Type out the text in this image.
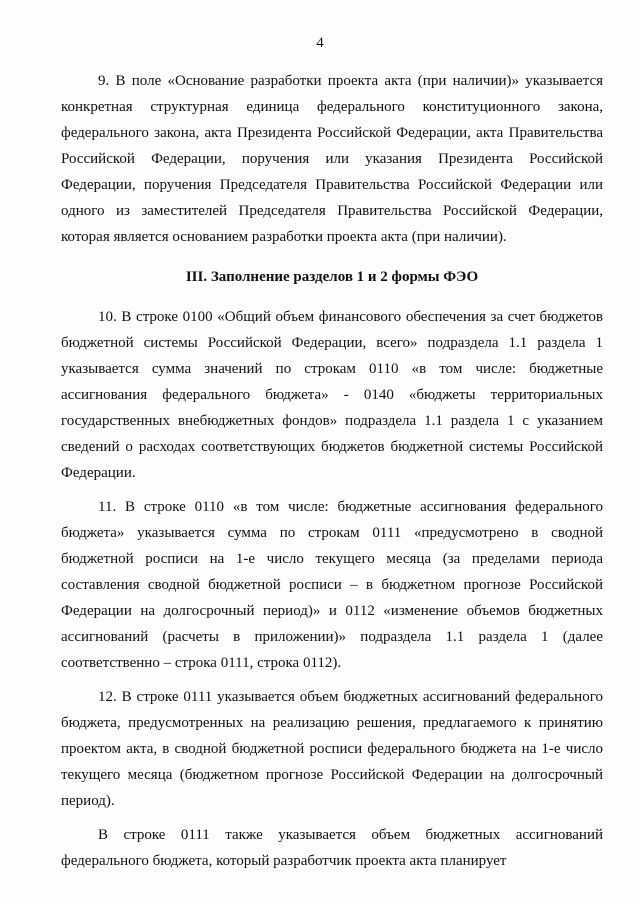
4

9. В поле «Основание разработки проекта акта (при наличии)» указывается конкретная структурная единица федерального конституционного закона, федерального закона, акта Президента Российской Федерации, акта Правительства Российской Федерации, поручения или указания Президента Российской Федерации, поручения Председателя Правительства Российской Федерации или одного из заместителей Председателя Правительства Российской Федерации, которая является основанием разработки проекта акта (при наличии).

III. Заполнение разделов 1 и 2 формы ФЭО

10. В строке 0100 «Общий объем финансового обеспечения за счет бюджетов бюджетной системы Российской Федерации, всего» подраздела 1.1 раздела 1 указывается сумма значений по строкам 0110 «в том числе: бюджетные ассигнования федерального бюджета» - 0140 «бюджеты территориальных государственных внебюджетных фондов» подраздела 1.1 раздела 1 с указанием сведений о расходах соответствующих бюджетов бюджетной системы Российской Федерации.

11. В строке 0110 «в том числе: бюджетные ассигнования федерального бюджета» указывается сумма по строкам 0111 «предусмотрено в сводной бюджетной росписи на 1-е число текущего месяца (за пределами периода составления сводной бюджетной росписи – в бюджетном прогнозе Российской Федерации на долгосрочный период)» и 0112 «изменение объемов бюджетных ассигнований (расчеты в приложении)» подраздела 1.1 раздела 1 (далее соответственно – строка 0111, строка 0112).

12. В строке 0111 указывается объем бюджетных ассигнований федерального бюджета, предусмотренных на реализацию решения, предлагаемого к принятию проектом акта, в сводной бюджетной росписи федерального бюджета на 1-е число текущего месяца (бюджетном прогнозе Российской Федерации на долгосрочный период).

В строке 0111 также указывается объем бюджетных ассигнований федерального бюджета, который разработчик проекта акта планирует
